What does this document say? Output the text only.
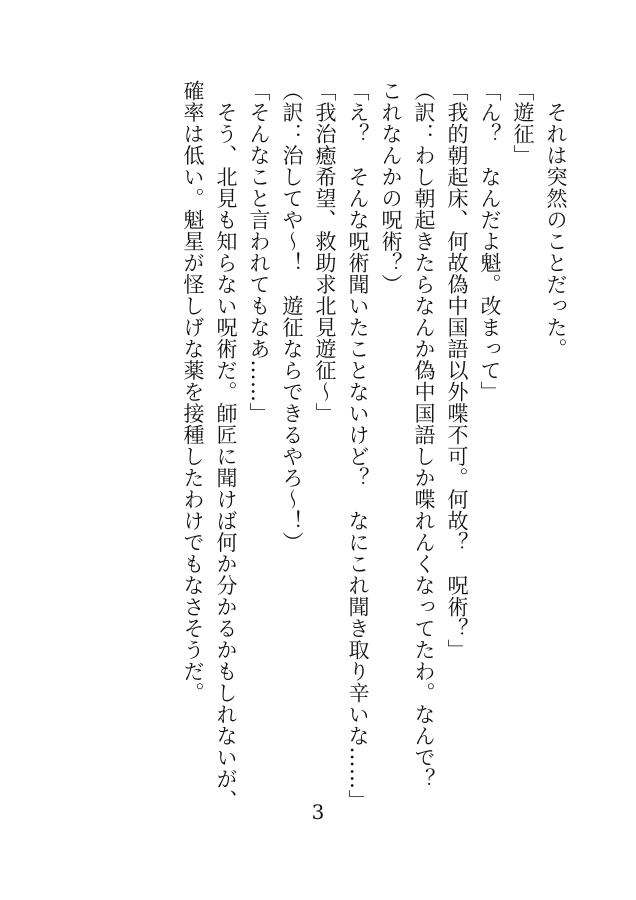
　それは突然のことだった。
「遊征」
「ん？　なんだよ魁。改まって」
「我的朝起床、何故偽中国語以外喋不可。何故？　呪術？」
（訳：わし朝起きたらなんか偽中国語しか喋れんくなってたわ。なんで？
これなんかの呪術？）
「え？　そんな呪術聞いたことないけど？　なにこれ聞き取り辛いな……」
「我治癒希望、救助求北見遊征～」
（訳：治してや～！　遊征ならできるやろ～！）
「そんなこと言われてもなあ……」
　そう、北見も知らない呪術だ。師匠に聞けば何か分かるかもしれないが、
確率は低い。魁星が怪しげな薬を接種したわけでもなさそうだ。
3
